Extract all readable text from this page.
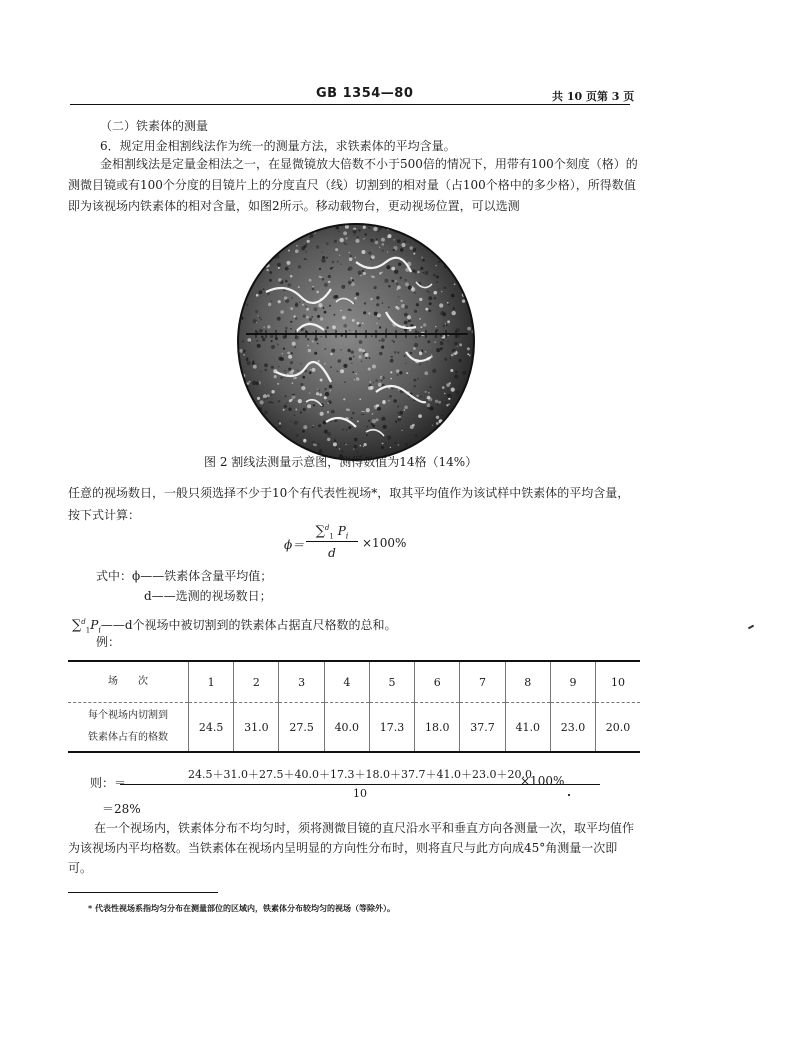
GB 1354—80	共 10 页第 3 页
（二）铁素体的测量
6．规定用金相割线法作为统一的测量方法，求铁素体的平均含量。
金相割线法是定量金相法之一，在显微镜放大倍数不小于500倍的情况下，用带有100个刻度（格）的测微目镜或有100个分度的目镜片上的分度直尺（线）切割到的相对量（占100个格中的多少格），所得数值即为该视场内铁素体的相对含量，如图2所示。移动载物台，更动视场位置，可以选测
图 2 割线法测量示意图，测得数值为14格（14%）
任意的视场数日，一般只须选择不少于10个有代表性视场*，取其平均值作为该试样中铁素体的平均含量，按下式计算：
ϕ＝
∑$^d_1$ $P_i$
d
×100%
式中：ϕ——铁素体含量平均值；
d——选测的视场数日；
$\sum^d_1P_i——d$个视场中被切割到的铁素体占据直尺格数的总和。
例：
场　　次	1	2	3	4	5	6	7	8	9	10

每个视场内切割到
铁素体占有的格数	24.5	31.0	27.5	40.0	17.3	18.0	37.7	41.0	23.0	20.0
则：＝
$\frac{24.5+31.0+27.5+40.0+17.3+18.0+37.7+41.0+23.0+20.0}{10}$
×100%
＝28%
在一个视场内，铁素体分布不均匀时，须将测微目镜的直尺沿水平和垂直方向各测量一次，取平均值作为该视场内平均格数。当铁素体在视场内呈明显的方向性分布时，则将直尺与此方向成45°角测量一次即可。
* 代表性视场系指均匀分布在测量部位的区域内，铁素体分布较均匀的视场（等除外）。
